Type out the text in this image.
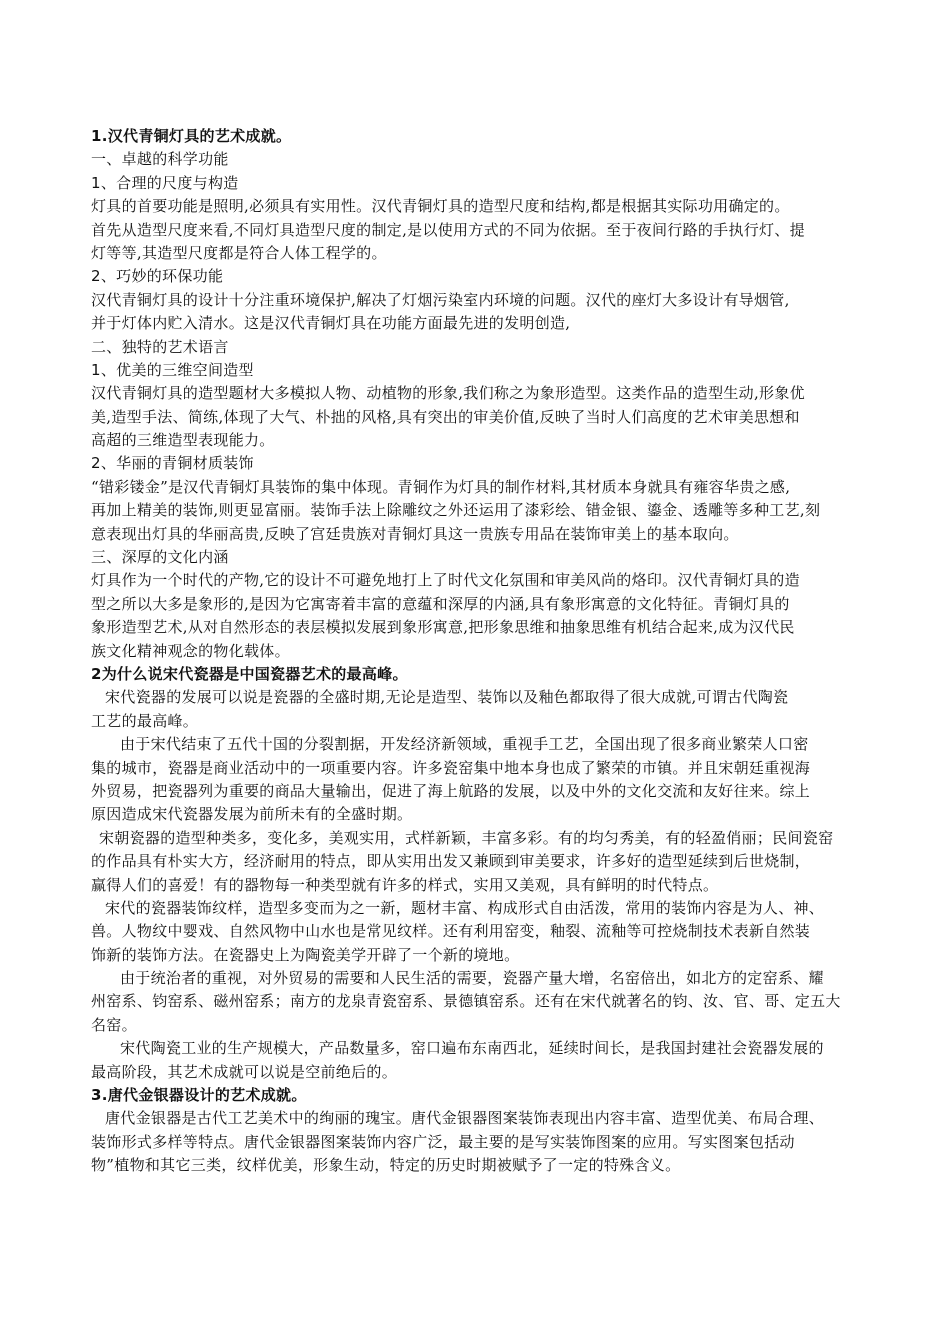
1.汉代青铜灯具的艺术成就。
一、卓越的科学功能
1、合理的尺度与构造
灯具的首要功能是照明,必须具有实用性。汉代青铜灯具的造型尺度和结构,都是根据其实际功用确定的。
首先从造型尺度来看,不同灯具造型尺度的制定,是以使用方式的不同为依据。至于夜间行路的手执行灯、提
灯等等,其造型尺度都是符合人体工程学的。
2、巧妙的环保功能
汉代青铜灯具的设计十分注重环境保护,解决了灯烟污染室内环境的问题。汉代的座灯大多设计有导烟管,
并于灯体内贮入清水。这是汉代青铜灯具在功能方面最先进的发明创造,
二、独特的艺术语言
1、优美的三维空间造型
汉代青铜灯具的造型题材大多模拟人物、动植物的形象,我们称之为象形造型。这类作品的造型生动,形象优
美,造型手法、简练,体现了大气、朴拙的风格,具有突出的审美价值,反映了当时人们高度的艺术审美思想和
高超的三维造型表现能力。
2、华丽的青铜材质装饰
“错彩镂金”是汉代青铜灯具装饰的集中体现。青铜作为灯具的制作材料,其材质本身就具有雍容华贵之感,
再加上精美的装饰,则更显富丽。装饰手法上除雕纹之外还运用了漆彩绘、错金银、鎏金、透雕等多种工艺,刻
意表现出灯具的华丽高贵,反映了宫廷贵族对青铜灯具这一贵族专用品在装饰审美上的基本取向。
三、深厚的文化内涵
灯具作为一个时代的产物,它的设计不可避免地打上了时代文化氛围和审美风尚的烙印。汉代青铜灯具的造
型之所以大多是象形的,是因为它寓寄着丰富的意蕴和深厚的内涵,具有象形寓意的文化特征。青铜灯具的
象形造型艺术,从对自然形态的表层模拟发展到象形寓意,把形象思维和抽象思维有机结合起来,成为汉代民
族文化精神观念的物化载体。
2为什么说宋代瓷器是中国瓷器艺术的最高峰。
宋代瓷器的发展可以说是瓷器的全盛时期,无论是造型、装饰以及釉色都取得了很大成就,可谓古代陶瓷
工艺的最高峰。
由于宋代结束了五代十国的分裂割据，开发经济新领域，重视手工艺，全国出现了很多商业繁荣人口密
集的城市，瓷器是商业活动中的一项重要内容。许多瓷窑集中地本身也成了繁荣的市镇。并且宋朝廷重视海
外贸易，把瓷器列为重要的商品大量输出，促进了海上航路的发展，以及中外的文化交流和友好往来。综上
原因造成宋代瓷器发展为前所未有的全盛时期。
宋朝瓷器的造型种类多，变化多，美观实用，式样新颖，丰富多彩。有的均匀秀美，有的轻盈俏丽；民间瓷窑
的作品具有朴实大方，经济耐用的特点，即从实用出发又兼顾到审美要求，许多好的造型延续到后世烧制，
赢得人们的喜爱！有的器物每一种类型就有许多的样式，实用又美观，具有鲜明的时代特点。
宋代的瓷器装饰纹样，造型多变而为之一新，题材丰富、构成形式自由活泼，常用的装饰内容是为人、神、
兽。人物纹中婴戏、自然风物中山水也是常见纹样。还有利用窑变，釉裂、流釉等可控烧制技术表新自然装
饰新的装饰方法。在瓷器史上为陶瓷美学开辟了一个新的境地。
由于统治者的重视，对外贸易的需要和人民生活的需要，瓷器产量大增，名窑倍出，如北方的定窑系、耀
州窑系、钧窑系、磁州窑系；南方的龙泉青瓷窑系、景德镇窑系。还有在宋代就著名的钧、汝、官、哥、定五大
名窑。
宋代陶瓷工业的生产规模大，产品数量多，窑口遍布东南西北，延续时间长，是我国封建社会瓷器发展的
最高阶段，其艺术成就可以说是空前绝后的。
3.唐代金银器设计的艺术成就。
唐代金银器是古代工艺美术中的绚丽的瑰宝。唐代金银器图案装饰表现出内容丰富、造型优美、布局合理、
装饰形式多样等特点。唐代金银器图案装饰内容广泛，最主要的是写实装饰图案的应用。写实图案包括动
物”植物和其它三类，纹样优美，形象生动，特定的历史时期被赋予了一定的特殊含义。
